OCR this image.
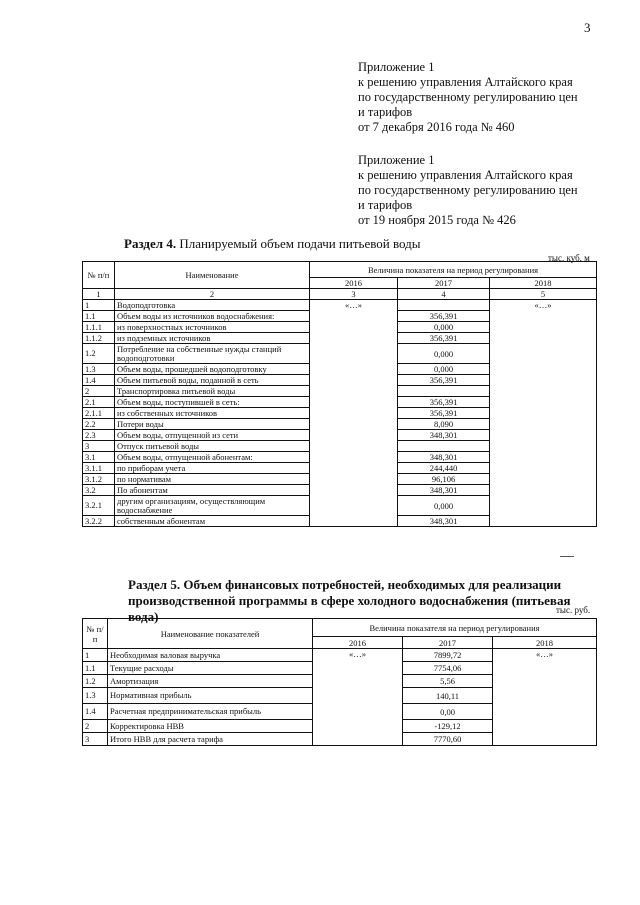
3
Приложение 1
к решению управления Алтайского края
по государственному регулированию цен
и тарифов
от 7 декабря 2016 года № 460
Приложение 1
к решению управления Алтайского края
по государственному регулированию цен
и тарифов
от 19 ноября 2015 года № 426
Раздел 4. Планируемый объем подачи питьевой воды
тыс. куб. м
№ п/п	Наименование	Величина показателя на период регулирования		
		2016	2017	2018
1	2	3	4	5
1	Водоподготовка	«…»		«…»
1.1	Объем воды из источников водоснабжения:		356,391	
1.1.1	из поверхностных источников		0,000	
1.1.2	из подземных источников		356,391	
1.2	Потребление на собственные нужды станций водоподготовки		0,000	
1.3	Объем воды, прошедшей водоподготовку		0,000	
1.4	Объем питьевой воды, поданной в сеть		356,391	
2	Транспортировка питьевой воды			
2.1	Объем воды, поступившей в сеть:		356,391	
2.1.1	из собственных источников		356,391	
2.2	Потери воды		8,090	
2.3	Объем воды, отпущенной из сети		348,301	
3	Отпуск питьевой воды			
3.1	Объем воды, отпущенной абонентам:		348,301	
3.1.1	по приборам учета		244,440	
3.1.2	по нормативам		96,106	
3.2	По абонентам		348,301	
3.2.1	другим организациям, осуществляющим водоснабжение		0,000	
3.2.2	собственным абонентам		348,301	
Раздел 5. Объем финансовых потребностей, необходимых для реализации производственной программы в сфере холодного водоснабжения (питьевая вода)	тыс. руб.
№ п/п	Наименование показателей	Величина показателя на период регулирования		
		2016	2017	2018
1	Необходимая валовая выручка	«…»	7899,72	«…»
1.1	Текущие расходы		7754,06	
1.2	Амортизация		5,56	
1.3	Нормативная прибыль		140,11	
1.4	Расчетная предпринимательская прибыль		0,00	
2	Корректировка НВВ		-129,12	
3	Итого НВВ для расчета тарифа		7770,60	
